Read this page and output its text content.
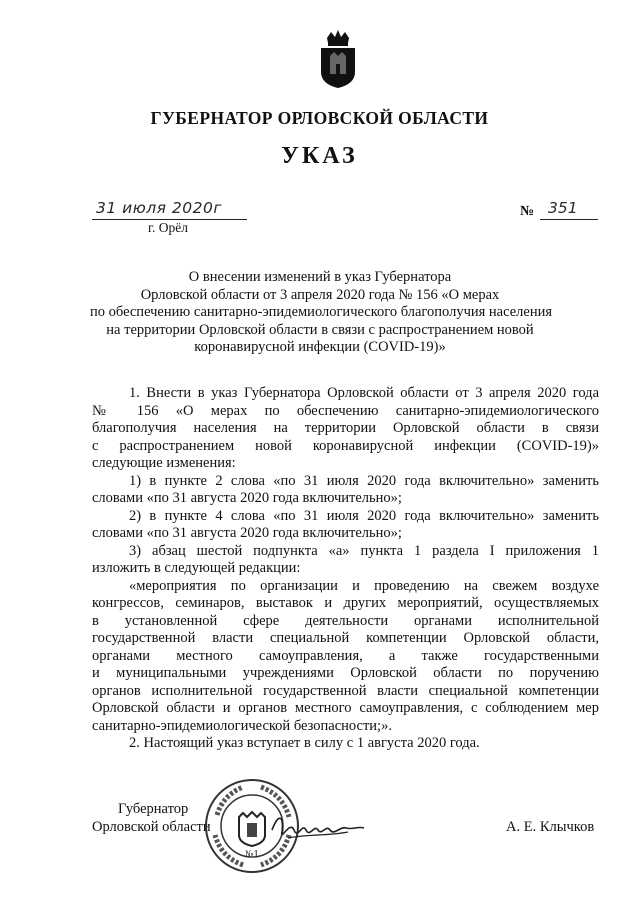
ГУБЕРНАТОР ОРЛОВСКОЙ ОБЛАСТИ
УКАЗ
31 июля 2020г
г. Орёл
№ 351
О внесении изменений в указ Губернатора
Орловской области от 3 апреля 2020 года № 156 «О мерах
по обеспечению санитарно-эпидемиологического благополучия населения
на территории Орловской области в связи с распространением новой
коронавирусной инфекции (COVID-19)»
1. Внести в указ Губернатора Орловской области от 3 апреля 2020 года
№ 156 «О мерах по обеспечению санитарно-эпидемиологического
благополучия населения на территории Орловской области в связи
с распространением новой коронавирусной инфекции (COVID-19)»
следующие изменения:
1) в пункте 2 слова «по 31 июля 2020 года включительно» заменить
словами «по 31 августа 2020 года включительно»;
2) в пункте 4 слова «по 31 июля 2020 года включительно» заменить
словами «по 31 августа 2020 года включительно»;
3) абзац шестой подпункта «а» пункта 1 раздела I приложения 1
изложить в следующей редакции:
«мероприятия по организации и проведению на свежем воздухе
конгрессов, семинаров, выставок и других мероприятий, осуществляемых
в установленной сфере деятельности органами исполнительной
государственной власти специальной компетенции Орловской области,
органами местного самоуправления, а также государственными
и муниципальными учреждениями Орловской области по поручению
органов исполнительной государственной власти специальной компетенции
Орловской области и органов местного самоуправления, с соблюдением мер
санитарно-эпидемиологической безопасности;».
2. Настоящий указ вступает в силу с 1 августа 2020 года.
Губернатор
Орловской области
№1
А. Е. Клычков
